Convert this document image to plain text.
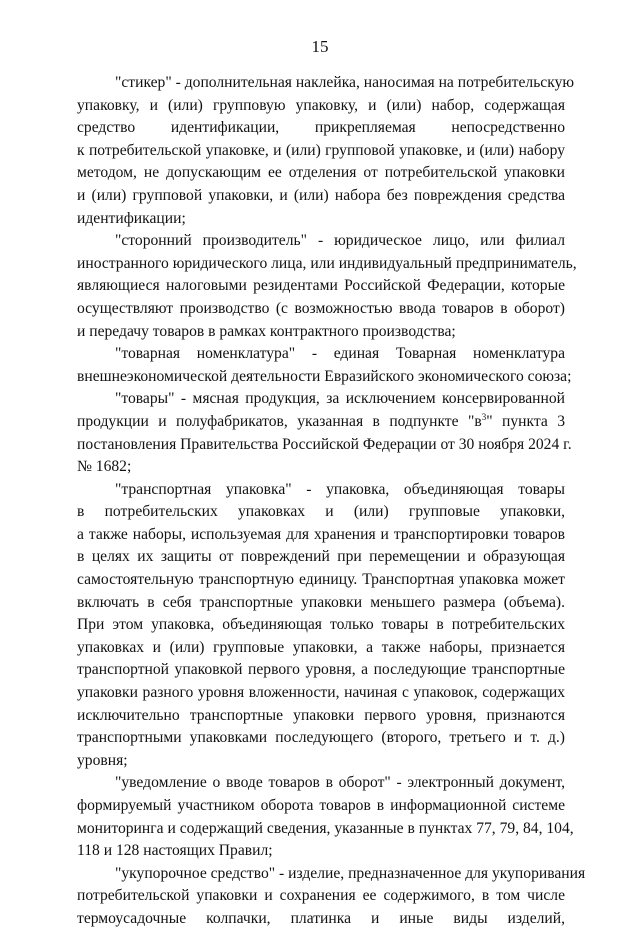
15
"стикер" - дополнительная наклейка, наносимая на потребительскую
упаковку, и (или) групповую упаковку, и (или) набор, содержащая
средство идентификации, прикрепляемая непосредственно
к потребительской упаковке, и (или) групповой упаковке, и (или) набору
методом, не допускающим ее отделения от потребительской упаковки
и (или) групповой упаковки, и (или) набора без повреждения средства
идентификации;
"сторонний производитель" - юридическое лицо, или филиал
иностранного юридического лица, или индивидуальный предприниматель,
являющиеся налоговыми резидентами Российской Федерации, которые
осуществляют производство (с возможностью ввода товаров в оборот)
и передачу товаров в рамках контрактного производства;
"товарная номенклатура" - единая Товарная номенклатура
внешнеэкономической деятельности Евразийского экономического союза;
"товары" - мясная продукция, за исключением консервированной
продукции и полуфабрикатов, указанная в подпункте "$в^3$" пункта 3
постановления Правительства Российской Федерации от 30 ноября 2024 г.
№ 1682;
"транспортная упаковка" - упаковка, объединяющая товары
в потребительских упаковках и (или) групповые упаковки,
а также наборы, используемая для хранения и транспортировки товаров
в целях их защиты от повреждений при перемещении и образующая
самостоятельную транспортную единицу. Транспортная упаковка может
включать в себя транспортные упаковки меньшего размера (объема).
При этом упаковка, объединяющая только товары в потребительских
упаковках и (или) групповые упаковки, а также наборы, признается
транспортной упаковкой первого уровня, а последующие транспортные
упаковки разного уровня вложенности, начиная с упаковок, содержащих
исключительно транспортные упаковки первого уровня, признаются
транспортными упаковками последующего (второго, третьего и т. д.)
уровня;
"уведомление о вводе товаров в оборот" - электронный документ,
формируемый участником оборота товаров в информационной системе
мониторинга и содержащий сведения, указанные в пунктах 77, 79, 84, 104,
118 и 128 настоящих Правил;
"укупорочное средство" - изделие, предназначенное для укупоривания
потребительской упаковки и сохранения ее содержимого, в том числе
термоусадочные колпачки, платинка и иные виды изделий,
